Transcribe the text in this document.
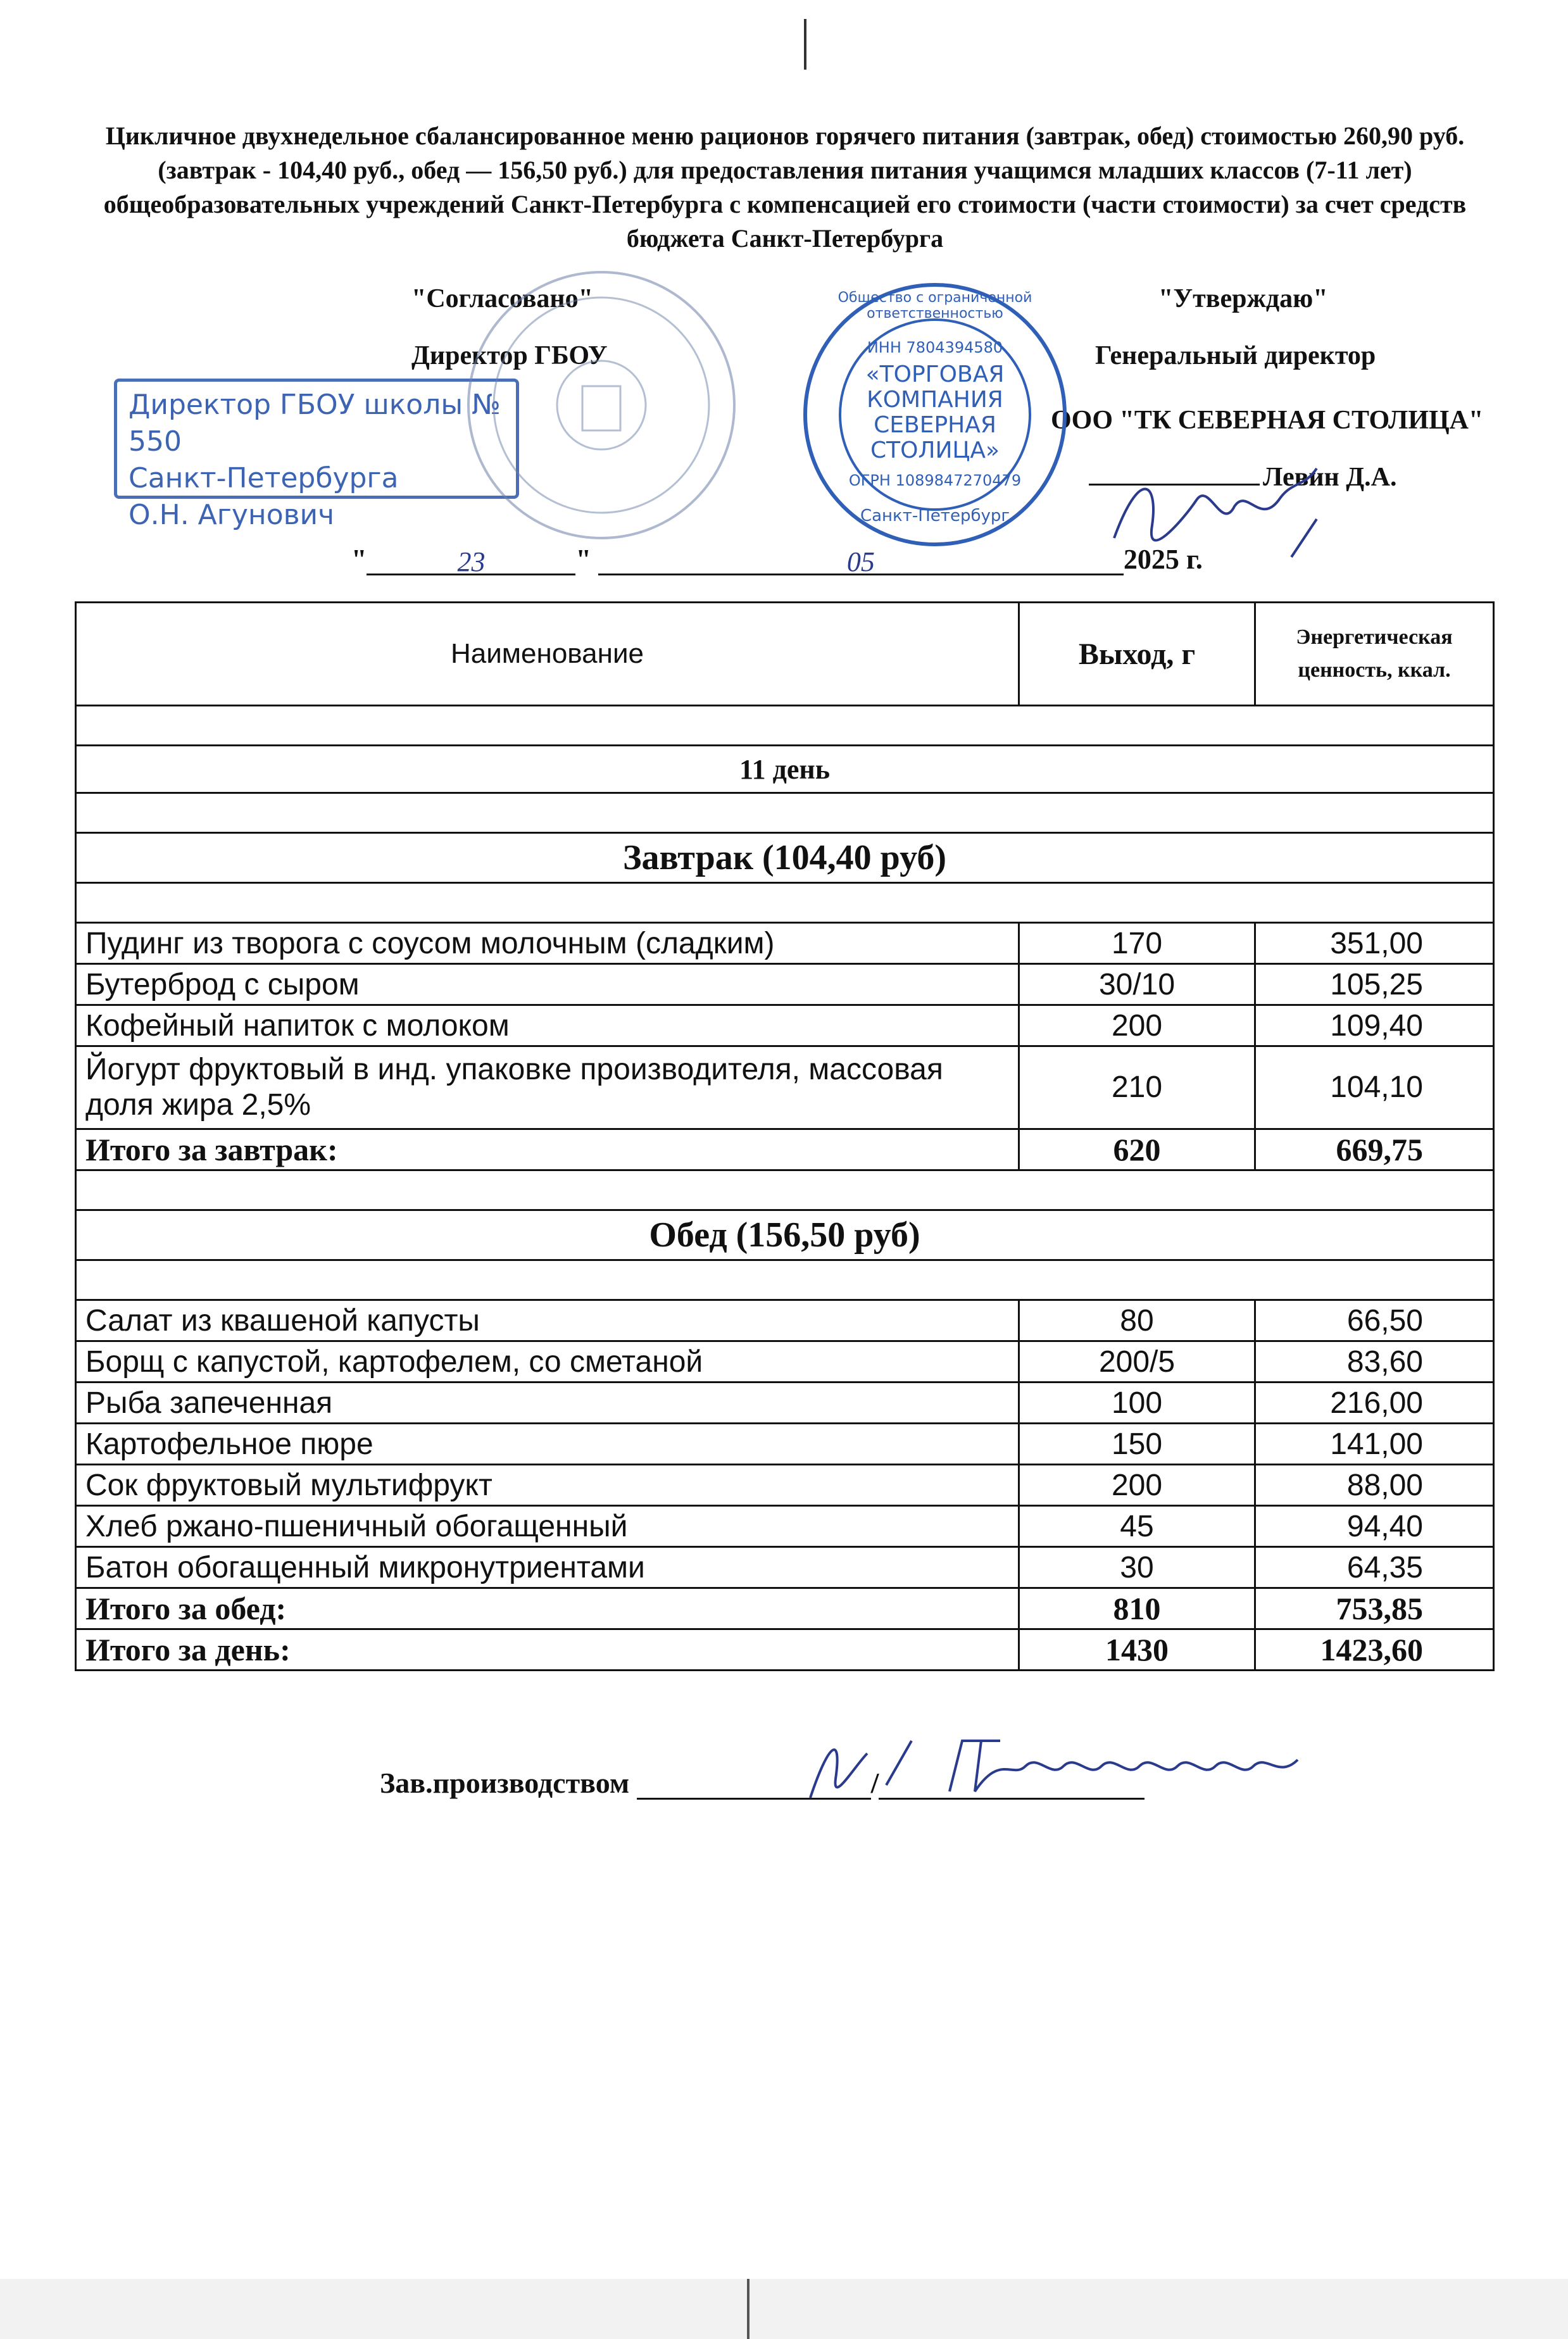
Цикличное двухнедельное сбалансированное меню рационов горячего питания (завтрак, обед) стоимостью 260,90 руб. (завтрак - 104,40 руб., обед — 156,50 руб.) для предоставления питания учащимся младших классов (7-11 лет) общеобразовательных учреждений Санкт-Петербурга с компенсацией его стоимости (части стоимости) за счет средств бюджета Санкт-Петербурга
"Согласовано"
Директор ГБОУ
Директор ГБОУ школы № 550
Санкт-Петербурга
О.Н. Агунович
"Утверждаю"
Генеральный директор
ООО "ТК СЕВЕРНАЯ СТОЛИЦА"
Левин Д.А.
ИНН 7804394580
«ТОРГОВАЯ
КОМПАНИЯ
СЕВЕРНАЯ
СТОЛИЦА»
ОГРН 1089847270479
Санкт-Петербург
Общество с ограниченной ответственностью
"	23	"	05	2025 г.
Наименование	Выход, г	Энергетическая ценность, ккал.

11 день		

Завтрак (104,40 руб)		

Пудинг из творога с соусом молочным (сладким)	170	351,00
Бутерброд с сыром	30/10	105,25
Кофейный напиток с молоком	200	109,40
Йогурт фруктовый в инд. упаковке производителя, массовая доля жира 2,5%	210	104,10
Итого за завтрак:	620	669,75

Обед (156,50 руб)		

Салат из квашеной капусты	80	66,50
Борщ с капустой, картофелем, со сметаной	200/5	83,60
Рыба запеченная	100	216,00
Картофельное пюре	150	141,00
Сок фруктовый мультифрукт	200	88,00
Хлеб ржано-пшеничный обогащенный	45	94,40
Батон обогащенный микронутриентами	30	64,35
Итого за обед:	810	753,85
Итого за день:	1430	1423,60
Зав.производством	/
